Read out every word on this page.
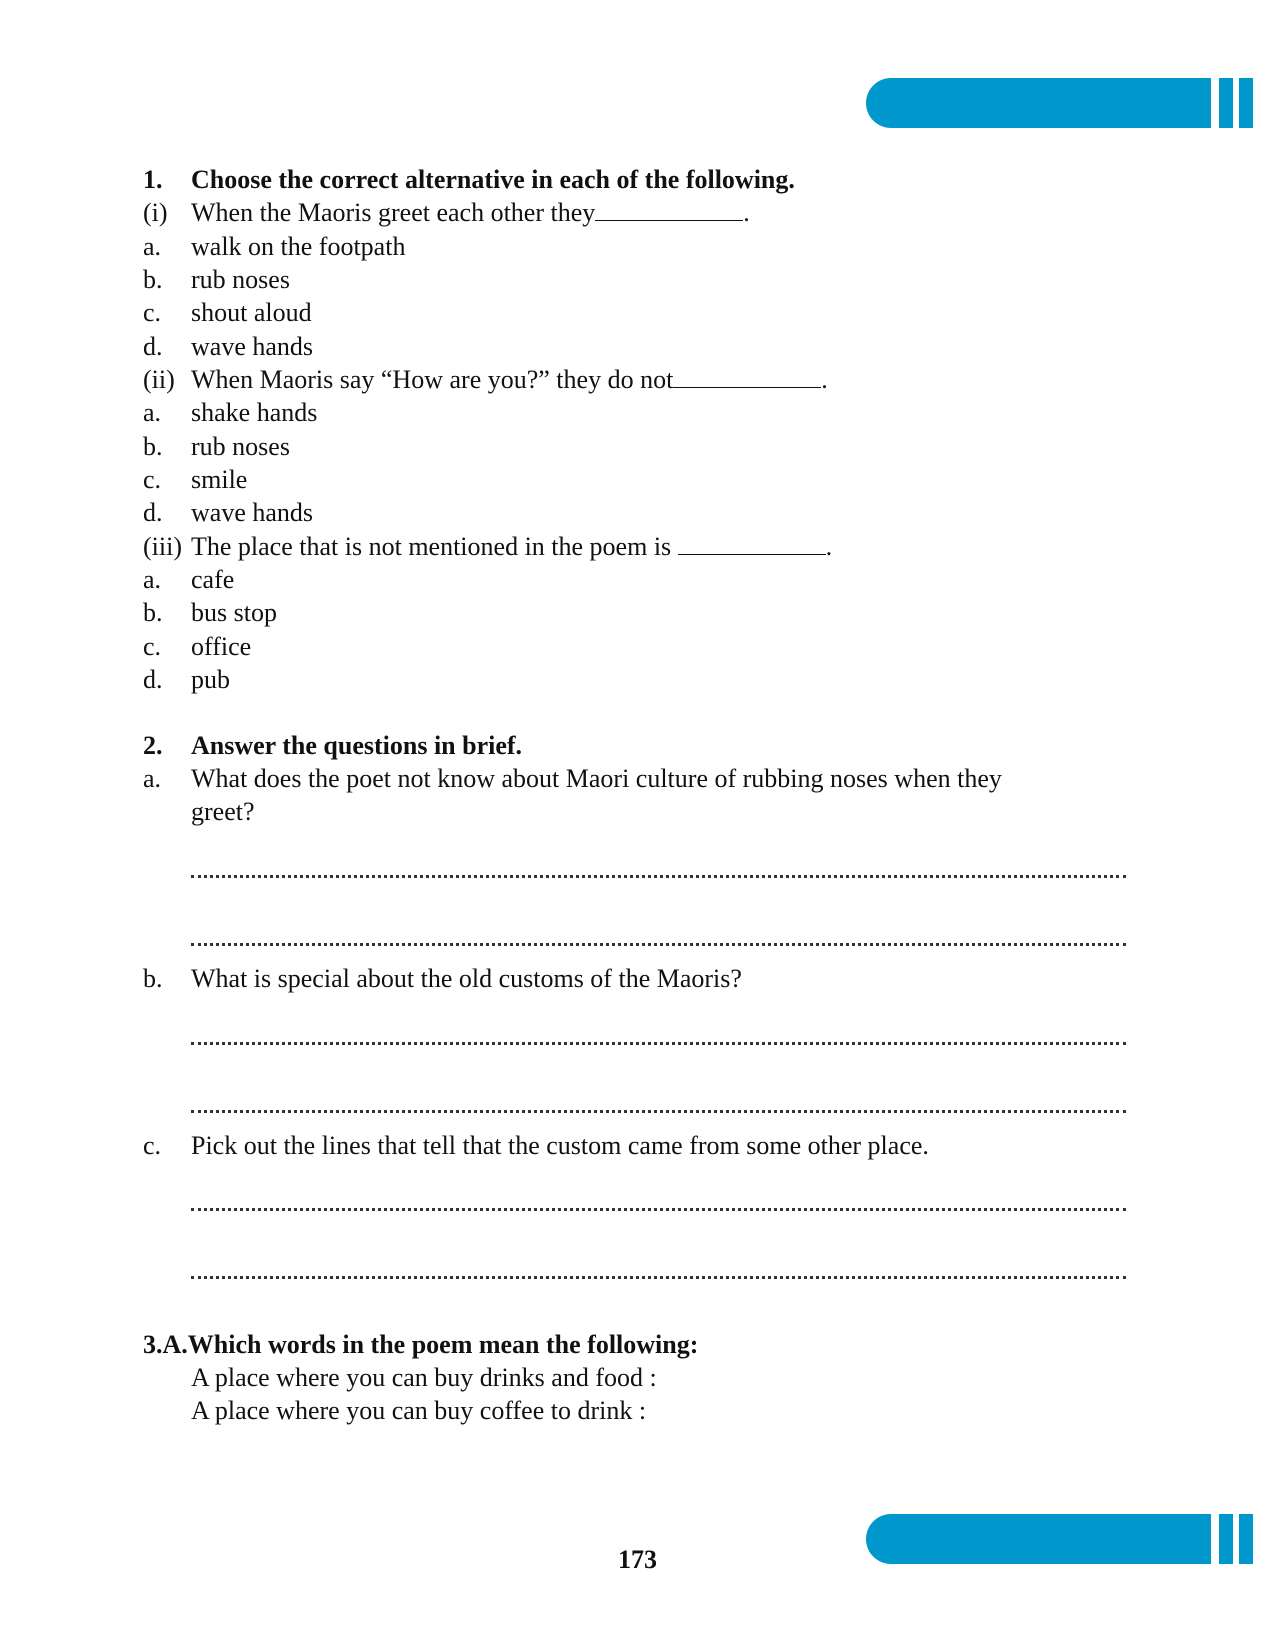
1. Choose the correct alternative in each of the following.
(i) When the Maoris greet each other they	.
a. walk on the footpath
b. rub noses
c. shout aloud
d. wave hands
(ii) When Maoris say “How are you?” they do not	.
a. shake hands
b. rub noses
c. smile
d. wave hands
(iii) The place that is not mentioned in the poem is	.
a. cafe
b. bus stop
c. office
d. pub
2. Answer the questions in brief.
a. What does the poet not know about Maori culture of rubbing noses when they
greet?
b. What is special about the old customs of the Maoris?
c. Pick out the lines that tell that the custom came from some other place.
3.A.Which words in the poem mean the following:
A place where you can buy drinks and food :
A place where you can buy coffee to drink :
173
